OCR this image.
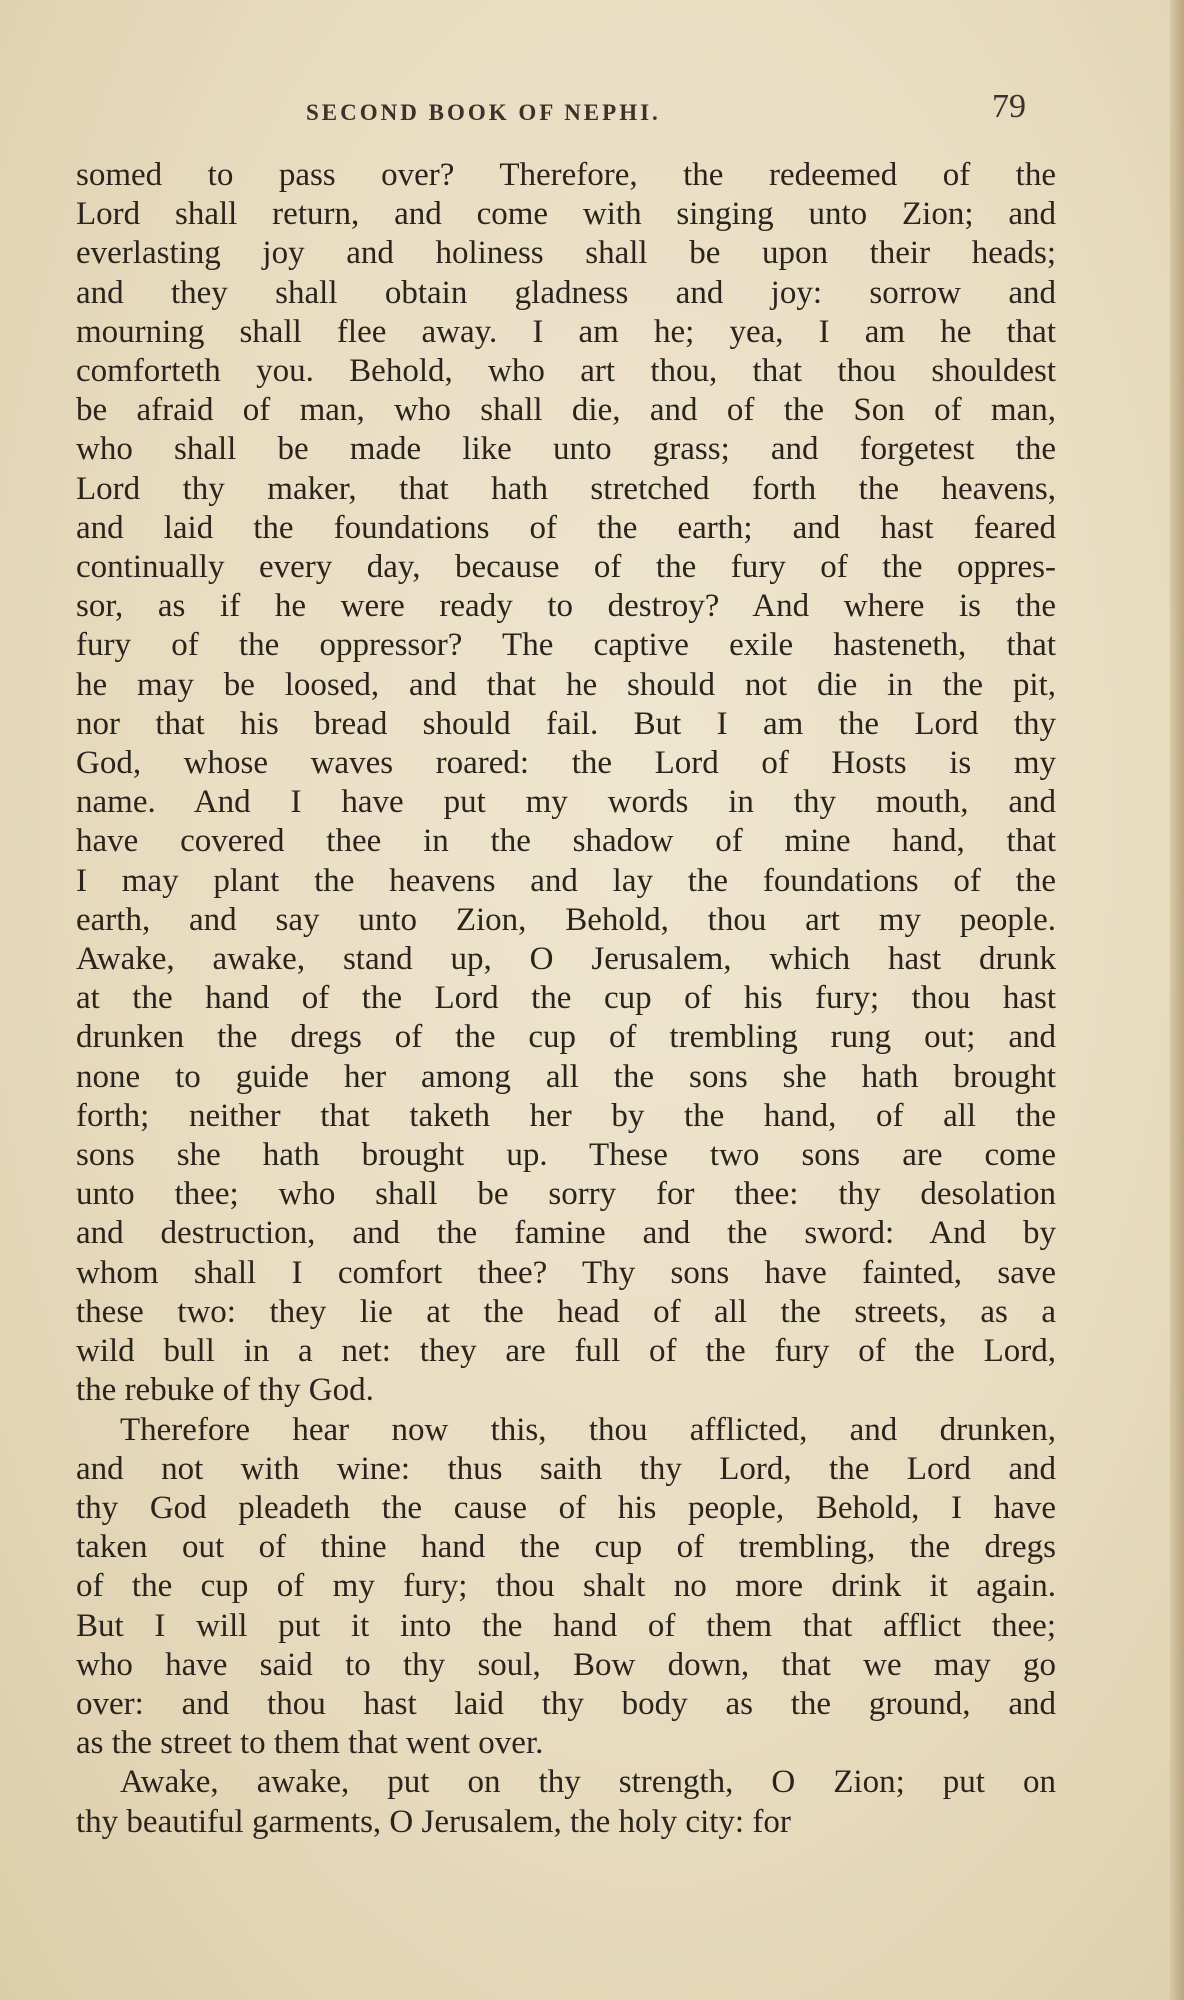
SECOND BOOK OF NEPHI.	79
somed to pass over? Therefore, the redeemed of the
Lord shall return, and come with singing unto Zion; and
everlasting joy and holiness shall be upon their heads;
and they shall obtain gladness and joy: sorrow and
mourning shall flee away. I am he; yea, I am he that
comforteth you. Behold, who art thou, that thou shouldest
be afraid of man, who shall die, and of the Son of man,
who shall be made like unto grass; and forgetest the
Lord thy maker, that hath stretched forth the heavens,
and laid the foundations of the earth; and hast feared
continually every day, because of the fury of the oppres-
sor, as if he were ready to destroy? And where is the
fury of the oppressor? The captive exile hasteneth, that
he may be loosed, and that he should not die in the pit,
nor that his bread should fail. But I am the Lord thy
God, whose waves roared: the Lord of Hosts is my
name. And I have put my words in thy mouth, and
have covered thee in the shadow of mine hand, that
I may plant the heavens and lay the foundations of the
earth, and say unto Zion, Behold, thou art my people.
Awake, awake, stand up, O Jerusalem, which hast drunk
at the hand of the Lord the cup of his fury; thou hast
drunken the dregs of the cup of trembling rung out; and
none to guide her among all the sons she hath brought
forth; neither that taketh her by the hand, of all the
sons she hath brought up. These two sons are come
unto thee; who shall be sorry for thee: thy desolation
and destruction, and the famine and the sword: And by
whom shall I comfort thee? Thy sons have fainted, save
these two: they lie at the head of all the streets, as a
wild bull in a net: they are full of the fury of the Lord,
the rebuke of thy God.
Therefore hear now this, thou afflicted, and drunken,
and not with wine: thus saith thy Lord, the Lord and
thy God pleadeth the cause of his people, Behold, I have
taken out of thine hand the cup of trembling, the dregs
of the cup of my fury; thou shalt no more drink it again.
But I will put it into the hand of them that afflict thee;
who have said to thy soul, Bow down, that we may go
over: and thou hast laid thy body as the ground, and
as the street to them that went over.
Awake, awake, put on thy strength, O Zion; put on
thy beautiful garments, O Jerusalem, the holy city: for
